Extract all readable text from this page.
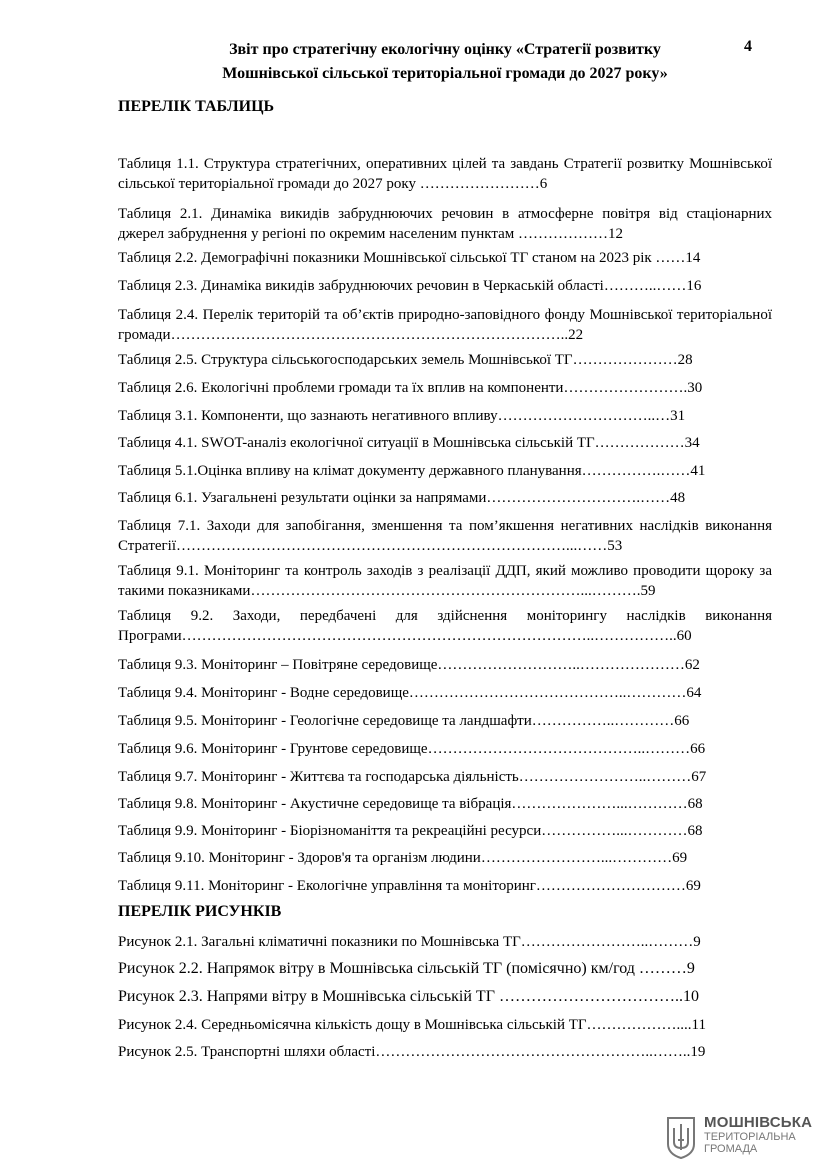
Звіт про стратегічну екологічну оцінку «Стратегії розвитку
Мошнівської сільської територіальної громади до 2027 року»
4
ПЕРЕЛІК ТАБЛИЦЬ
Таблиця 1.1. Структура стратегічних, оперативних цілей та завдань Стратегії розвитку Мошнівської сільської територіальної громади до 2027 року ……………………6
Таблиця 2.1. Динаміка викидів забруднюючих речовин в атмосферне повітря від стаціонарних джерел забруднення у регіоні по окремим населеним пунктам ………………12
Таблиця 2.2. Демографічні показники Мошнівської сільської ТГ станом на 2023 рік ……14
Таблиця 2.3. Динаміка викидів забруднюючих речовин в Черкаській області………..……16
Таблиця 2.4. Перелік територій та об’єктів природно-заповідного фонду Мошнівської територіальної громади……………………………………………………………………..22
Таблиця 2.5. Структура сільськогосподарських земель Мошнівської ТГ…………………28
Таблиця 2.6. Екологічні проблеми громади та їх вплив на компоненти…………………….30
Таблиця 3.1. Компоненти, що зазнають негативного впливу…………………………..…31
Таблиця 4.1. SWOT-аналіз екологічної ситуації в Мошнівська сільській ТГ………………34
Таблиця 5.1.Оцінка впливу на клімат документу державного планування…………….……41
Таблиця 6.1. Узагальнені результати оцінки за напрямами………………………….……48
Таблиця 7.1. Заходи для запобігання, зменшення та пом’якшення негативних наслідків виконання Стратегії……………………………………………………………………...……53
Таблиця 9.1. Моніторинг та контроль заходів з реалізації ДДП, який можливо проводити щороку за такими показниками…………………………………………………………...……….59
Таблиця 9.2. Заходи, передбачені для здійснення моніторингу наслідків виконання Програми………………………………………………………………………..……………..60
Таблиця 9.3. Моніторинг – Повітряне середовище………………………..…………………62
Таблиця 9.4. Моніторинг - Водне середовище……………………………………..…………64
Таблиця 9.5. Моніторинг - Геологічне середовище та ландшафти……………..…………66
Таблиця 9.6. Моніторинг - Грунтове середовище……………………………………..………66
Таблиця 9.7. Моніторинг - Життєва та господарська діяльність……………………..………67
Таблиця 9.8. Моніторинг - Акустичне середовище та вібрація…………………...…………68
Таблиця 9.9. Моніторинг - Біорізноманіття та рекреаційні ресурси……………...…………68
Таблиця 9.10. Моніторинг - Здоров'я та організм людини……………………...…………69
Таблиця 9.11. Моніторинг - Екологічне управління та моніторинг…………………………69
ПЕРЕЛІК РИСУНКІВ
Рисунок 2.1. Загальні кліматичні показники по Мошнівська ТГ……………………..………9
Рисунок 2.2. Напрямок вітру в Мошнівська сільській ТГ (помісячно) км/год ………9
Рисунок 2.3. Напрями вітру в Мошнівська сільській ТГ ……………………………..10
Рисунок 2.4. Середньомісячна кількість дощу в Мошнівська сільській ТГ………………....11
Рисунок 2.5. Транспортні шляхи області………………………………………………..……..19
МОШНІВСЬКА
ТЕРИТОРІАЛЬНА
ГРОМАДА
